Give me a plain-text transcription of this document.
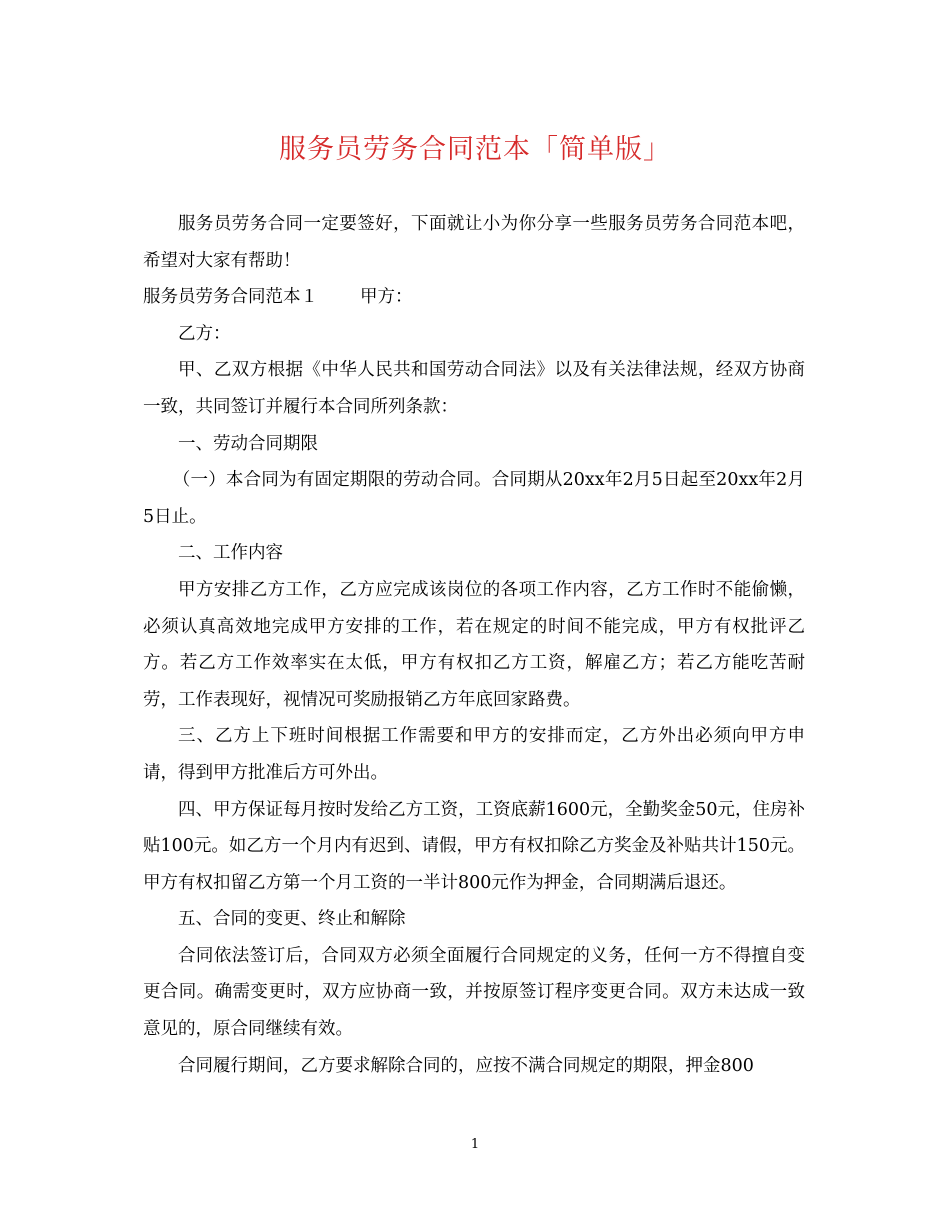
服务员劳务合同范本「简单版」

服务员劳务合同一定要签好，下面就让小为你分享一些服务员劳务合同范本吧，希望对大家有帮助！

服务员劳务合同范本１ 甲方：

乙方：

甲、乙双方根据《中华人民共和国劳动合同法》以及有关法律法规，经双方协商一致，共同签订并履行本合同所列条款：

一、劳动合同期限

（一）本合同为有固定期限的劳动合同。合同期从20xx年2月5日起至20xx年2月5日止。

二、工作内容

甲方安排乙方工作，乙方应完成该岗位的各项工作内容，乙方工作时不能偷懒，必须认真高效地完成甲方安排的工作，若在规定的时间不能完成，甲方有权批评乙方。若乙方工作效率实在太低，甲方有权扣乙方工资，解雇乙方；若乙方能吃苦耐劳，工作表现好，视情况可奖励报销乙方年底回家路费。

三、乙方上下班时间根据工作需要和甲方的安排而定，乙方外出必须向甲方申请，得到甲方批准后方可外出。

四、甲方保证每月按时发给乙方工资，工资底薪1600元，全勤奖金50元，住房补贴100元。如乙方一个月内有迟到、请假，甲方有权扣除乙方奖金及补贴共计150元。甲方有权扣留乙方第一个月工资的一半计800元作为押金，合同期满后退还。

五、合同的变更、终止和解除

合同依法签订后，合同双方必须全面履行合同规定的义务，任何一方不得擅自变更合同。确需变更时，双方应协商一致，并按原签订程序变更合同。双方未达成一致意见的，原合同继续有效。

合同履行期间，乙方要求解除合同的，应按不满合同规定的期限，押金800

1
